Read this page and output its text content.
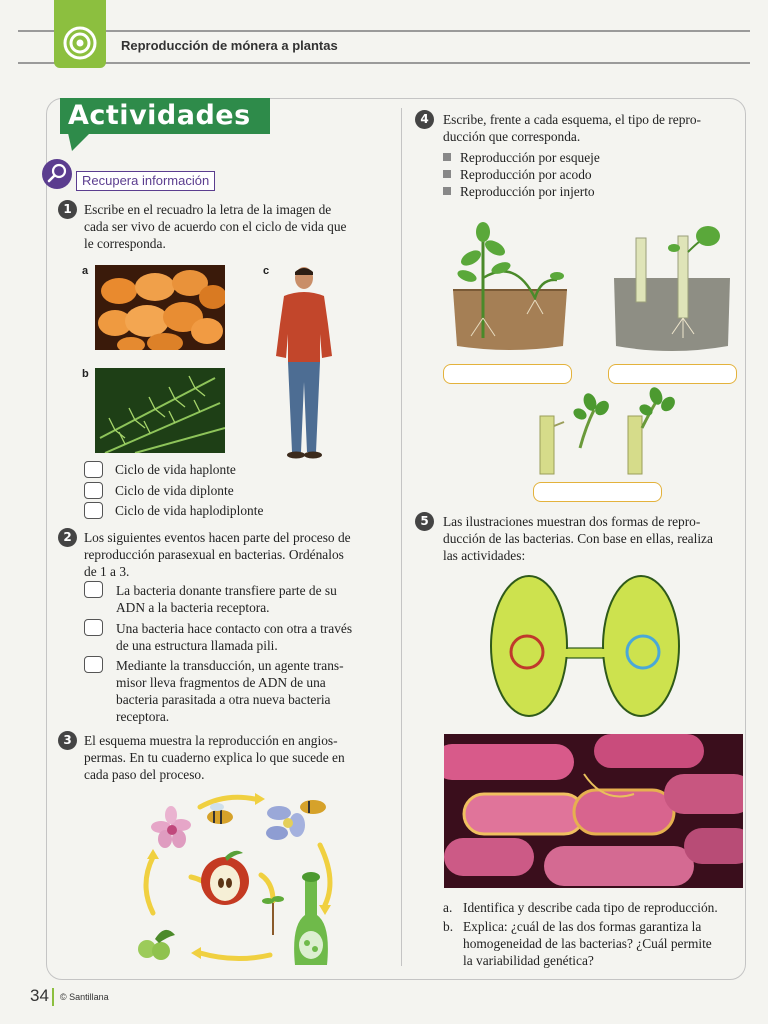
Reproducción de mónera a plantas
Actividades
Recupera información
1 Escribe en el recuadro la letra de la imagen de
cada ser vivo de acuerdo con el ciclo de vida que
le corresponda.
a
b
c
Ciclo de vida haplonte
Ciclo de vida diplonte
Ciclo de vida haplodiplonte
2 Los siguientes eventos hacen parte del proceso de
reproducción parasexual en bacterias. Ordénalos
de 1 a 3.
La bacteria donante transfiere parte de su
ADN a la bacteria receptora.
Una bacteria hace contacto con otra a través
de una estructura llamada pili.
Mediante la transducción, un agente trans-
misor lleva fragmentos de ADN de una
bacteria parasitada a otra nueva bacteria
receptora.
3 El esquema muestra la reproducción en angios-
permas. En tu cuaderno explica lo que sucede en
cada paso del proceso.
4	Escribe, frente a cada esquema, el tipo de repro-
ducción que corresponda.
Reproducción por esqueje
Reproducción por acodo
Reproducción por injerto
5	Las ilustraciones muestran dos formas de repro-
ducción de las bacterias. Con base en ellas, realiza
las actividades:
a. Identifica y describe cada tipo de reproducción.
b. Explica: ¿cuál de las dos formas garantiza la
homogeneidad de las bacterias? ¿Cuál permite
la variabilidad genética?
34 © Santillana
